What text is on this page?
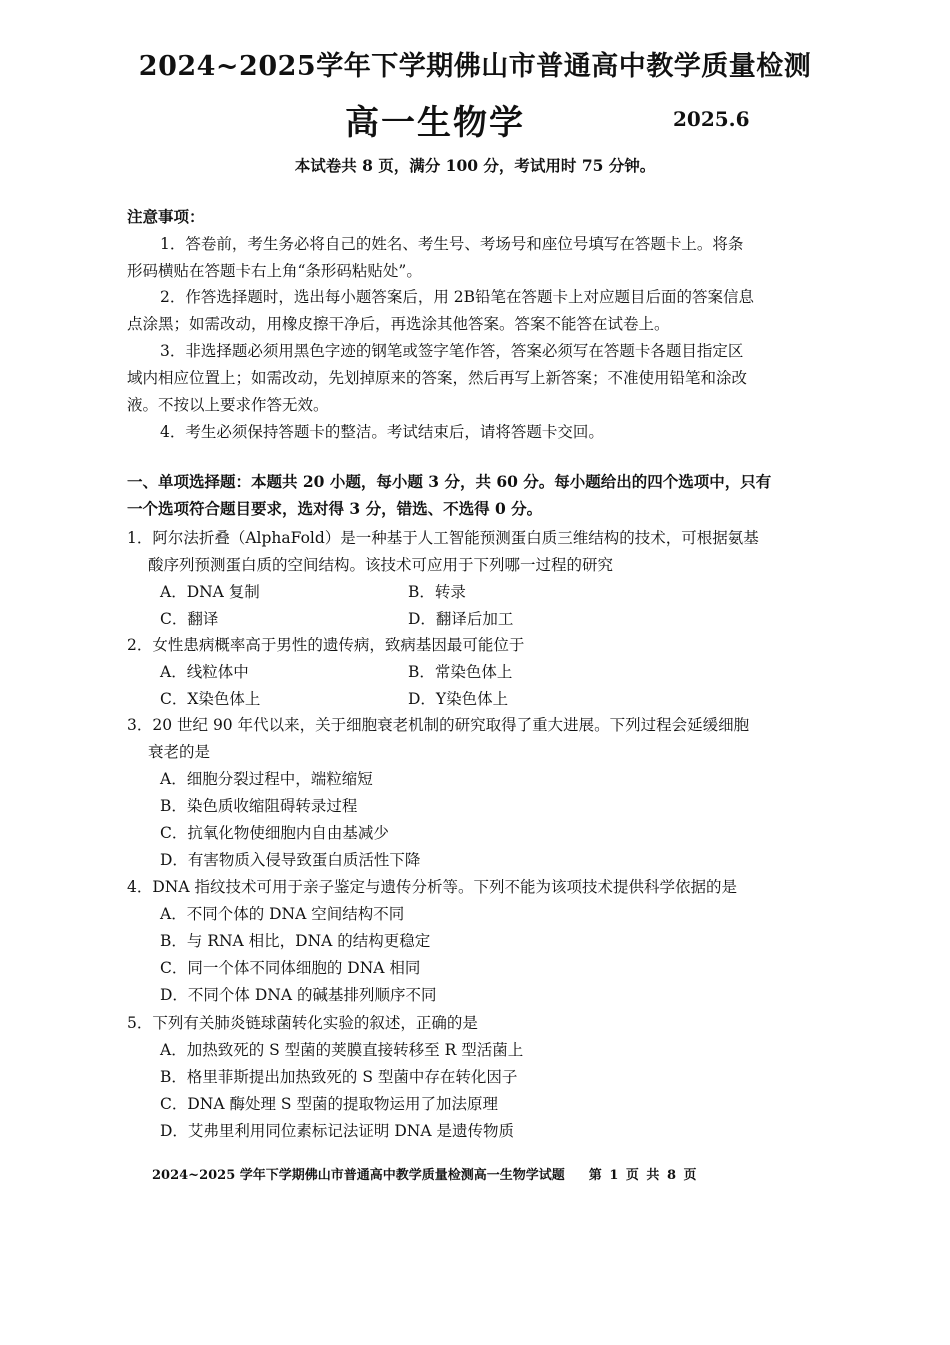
2024~2025学年下学期佛山市普通高中教学质量检测
高一生物学	2025.6
本试卷共 8 页，满分 100 分，考试用时 75 分钟。
注意事项：
1．答卷前，考生务必将自己的姓名、考生号、考场号和座位号填写在答题卡上。将条
形码横贴在答题卡右上角“条形码粘贴处”。
2．作答选择题时，选出每小题答案后，用 2B铅笔在答题卡上对应题目后面的答案信息
点涂黑；如需改动，用橡皮擦干净后，再选涂其他答案。答案不能答在试卷上。
3．非选择题必须用黑色字迹的钢笔或签字笔作答，答案必须写在答题卡各题目指定区
域内相应位置上；如需改动，先划掉原来的答案，然后再写上新答案；不准使用铅笔和涂改
液。不按以上要求作答无效。
4．考生必须保持答题卡的整洁。考试结束后，请将答题卡交回。
一、单项选择题：本题共 20 小题，每小题 3 分，共 60 分。每小题给出的四个选项中，只有
一个选项符合题目要求，选对得 3 分，错选、不选得 0 分。
1．阿尔法折叠（AlphaFold）是一种基于人工智能预测蛋白质三维结构的技术，可根据氨基
酸序列预测蛋白质的空间结构。该技术可应用于下列哪一过程的研究
A．DNA 复制	B．转录
C．翻译	D．翻译后加工
2．女性患病概率高于男性的遗传病，致病基因最可能位于
A．线粒体中	B．常染色体上
C．X染色体上	D．Y染色体上
3．20 世纪 90 年代以来，关于细胞衰老机制的研究取得了重大进展。下列过程会延缓细胞
衰老的是
A．细胞分裂过程中，端粒缩短
B．染色质收缩阻碍转录过程
C．抗氧化物使细胞内自由基减少
D．有害物质入侵导致蛋白质活性下降
4．DNA 指纹技术可用于亲子鉴定与遗传分析等。下列不能为该项技术提供科学依据的是
A．不同个体的 DNA 空间结构不同
B．与 RNA 相比，DNA 的结构更稳定
C．同一个体不同体细胞的 DNA 相同
D．不同个体 DNA 的碱基排列顺序不同
5．下列有关肺炎链球菌转化实验的叙述，正确的是
A．加热致死的 S 型菌的荚膜直接转移至 R 型活菌上
B．格里菲斯提出加热致死的 S 型菌中存在转化因子
C．DNA 酶处理 S 型菌的提取物运用了加法原理
D．艾弗里利用同位素标记法证明 DNA 是遗传物质
2024~2025 学年下学期佛山市普通高中教学质量检测高一生物学试题 第 1 页 共 8 页
